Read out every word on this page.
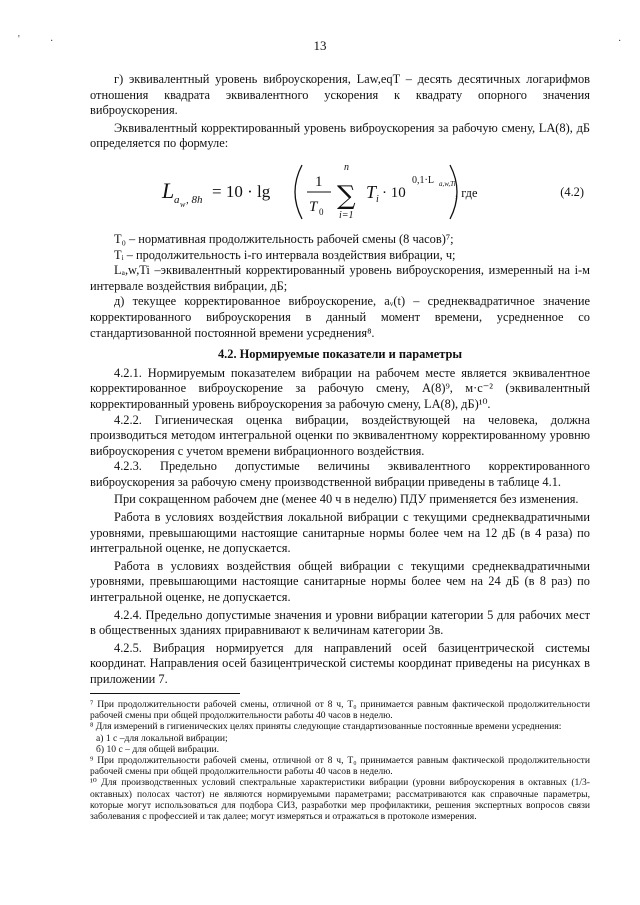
'	․	·
13

г) эквивалентный уровень виброускорения, Lаw,eqT – десять десятичных логарифмов отношения квадрата эквивалентного ускорения к квадрату опорного значения виброускорения.

Эквивалентный корректированный уровень виброускорения за рабочую смену, LА(8), дБ определяется по формуле:

L a w , 8h = 10 · lg	1
T 0
n
∑
i=1
T i · 10
0,1·L a,w,Ti
, где	(4.2)

T₀ – нормативная продолжительность рабочей смены (8 часов)⁷;

Tᵢ – продолжительность i-го интервала воздействия вибрации, ч;

Lₐ,w,Ti –эквивалентный корректированный уровень виброускорения, измеренный на i-м интервале воздействия вибрации, дБ;

д) текущее корректированное виброускорение, aᵥ(t) – среднеквадратичное значение корректированного виброускорения в данный момент времени, усредненное со стандартизованной постоянной времени усреднения⁸.

4.2. Нормируемые показатели и параметры

4.2.1. Нормируемым показателем вибрации на рабочем месте является эквивалентное корректированное виброускорение за рабочую смену, A(8)⁹, м·с⁻² (эквивалентный корректированный уровень виброускорения за рабочую смену, LА(8), дБ)¹⁰.

4.2.2. Гигиеническая оценка вибрации, воздействующей на человека, должна производиться методом интегральной оценки по эквивалентному корректированному уровню виброускорения с учетом времени вибрационного воздействия.

4.2.3. Предельно допустимые величины эквивалентного корректированного виброускорения за рабочую смену производственной вибрации приведены в таблице 4.1.

При сокращенном рабочем дне (менее 40 ч в неделю) ПДУ применяется без изменения.

Работа в условиях воздействия локальной вибрации с текущими среднеквадратичными уровнями, превышающими настоящие санитарные нормы более чем на 12 дБ (в 4 раза) по интегральной оценке, не допускается.

Работа в условиях воздействия общей вибрации с текущими среднеквадратичными уровнями, превышающими настоящие санитарные нормы более чем на 24 дБ (в 8 раз) по интегральной оценке, не допускается.

4.2.4. Предельно допустимые значения и уровни вибрации категории 5 для рабочих мест в общественных зданиях приравнивают к величинам категории 3в.

4.2.5. Вибрация нормируется для направлений осей базицентрической системы координат. Направления осей базицентрической системы координат приведены на рисунках в приложении 7.

⁷ При продолжительности рабочей смены, отличной от 8 ч, T₀ принимается равным фактической продолжительности рабочей смены при общей продолжительности работы 40 часов в неделю.

⁸ Для измерений в гигиенических целях приняты следующие стандартизованные постоянные времени усреднения:

а) 1 с –для локальной вибрации;

б) 10 с – для общей вибрации.

⁹ При продолжительности рабочей смены, отличной от 8 ч, T₀ принимается равным фактической продолжительности рабочей смены при общей продолжительности работы 40 часов в неделю.

¹⁰ Для производственных условий спектральные характеристики вибрации (уровни виброускорения в октавных (1/3-октавных) полосах частот) не являются нормируемыми параметрами; рассматриваются как справочные параметры, которые могут использоваться для подбора СИЗ, разработки мер профилактики, решения экспертных вопросов связи заболевания с профессией и так далее; могут измеряться и отражаться в протоколе измерения.
